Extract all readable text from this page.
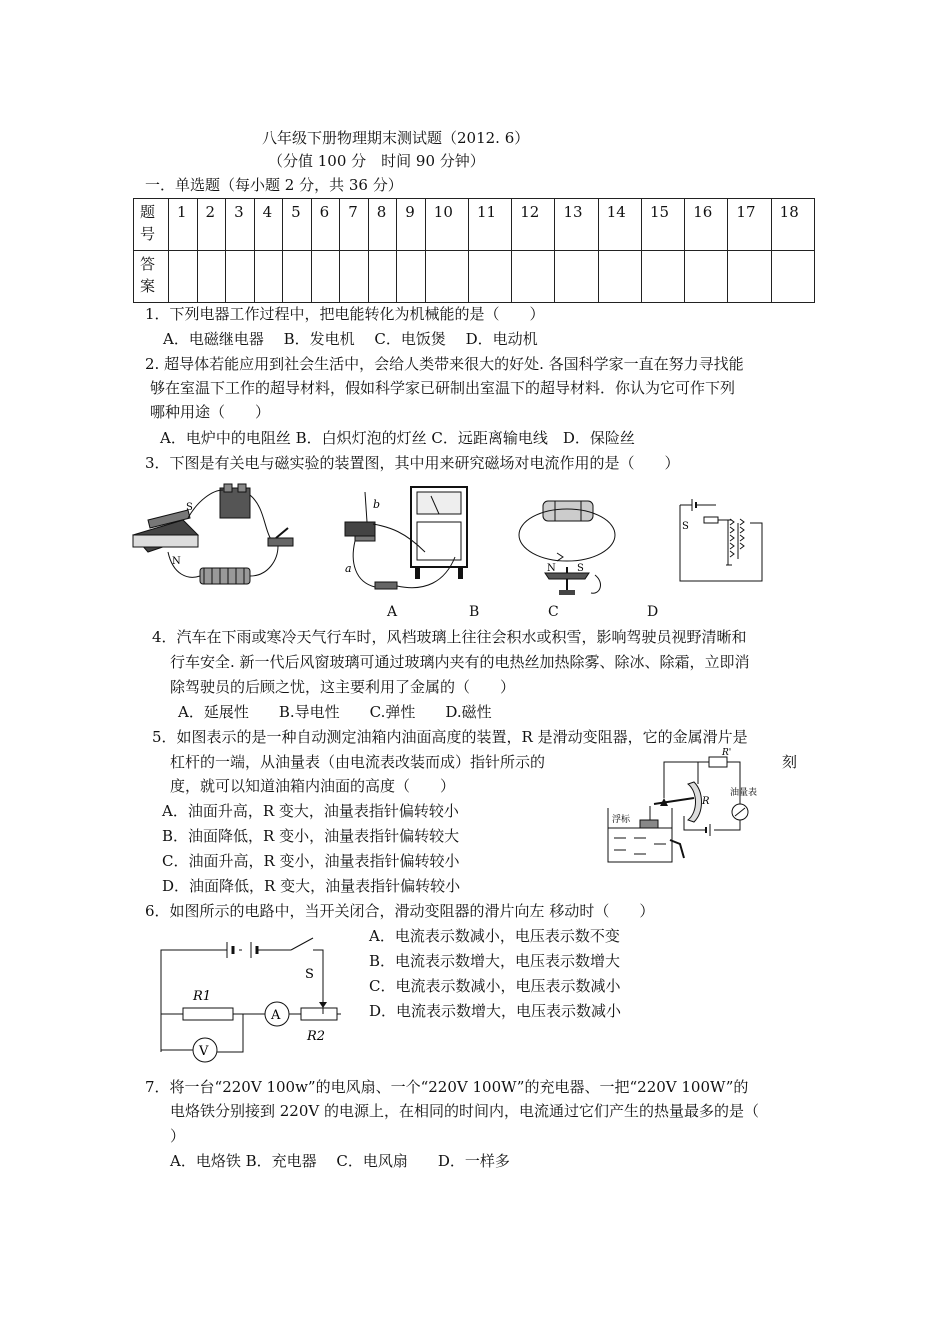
八年级下册物理期末测试题（2012. 6）
（分值 100 分　时间 90 分钟）
一．单选题（每小题 2 分，共 36 分）
题
号	1	2	3	4	5	6	7	8	9	10	11	12	13	14	15	16	17	18
答
案																		
1．下列电器工作过程中，把电能转化为机械能的是（　　）
A．电磁继电器　 B．发电机　 C．电饭煲　 D．电动机
2. 超导体若能应用到社会生活中，会给人类带来很大的好处. 各国科学家一直在努力寻找能
够在室温下工作的超导材料，假如科学家已研制出室温下的超导材料．你认为它可作下列
哪种用途（　　）
A．电炉中的电阻丝 B．白炽灯泡的灯丝 C．远距离输电线　D．保险丝
3．下图是有关电与磁实验的装置图，其中用来研究磁场对电流作用的是（　　）
S
N
b
a	N S
S
A	B	C	D
4．汽车在下雨或寒冷天气行车时，风档玻璃上往往会积水或积雪，影响驾驶员视野清晰和
行车安全. 新一代后风窗玻璃可通过玻璃内夹有的电热丝加热除雾、除冰、除霜，立即消
除驾驶员的后顾之忧，这主要利用了金属的（　　）
A．延展性　　B.导电性　　C.弹性　　D.磁性
5．如图表示的是一种自动测定油箱内油面高度的装置，R 是滑动变阻器，它的金属滑片是
杠杆的一端，从油量表（由电流表改装而成）指针所示的	刻
度，就可以知道油箱内油面的高度（　　）
A．油面升高，R 变大，油量表指针偏转较小
B．油面降低，R 变小，油量表指针偏转较大
C．油面升高，R 变小，油量表指针偏转较小
D．油面降低，R 变大，油量表指针偏转较小
R'
R
油量表
浮标
6．如图所示的电路中，当开关闭合，滑动变阻器的滑片向左 移动时（　　）
A．电流表示数减小，电压表示数不变
B．电流表示数增大，电压表示数增大
C．电流表示数减小，电压表示数减小
D．电流表示数增大，电压表示数减小
S
R1
A
R2
V
7．将一台“220V 100w”的电风扇、一个“220V 100W”的充电器、一把“220V 100W”的
电烙铁分别接到 220V 的电源上，在相同的时间内，电流通过它们产生的热量最多的是（
）
A．电烙铁 B．充电器　 C．电风扇　　D．一样多
